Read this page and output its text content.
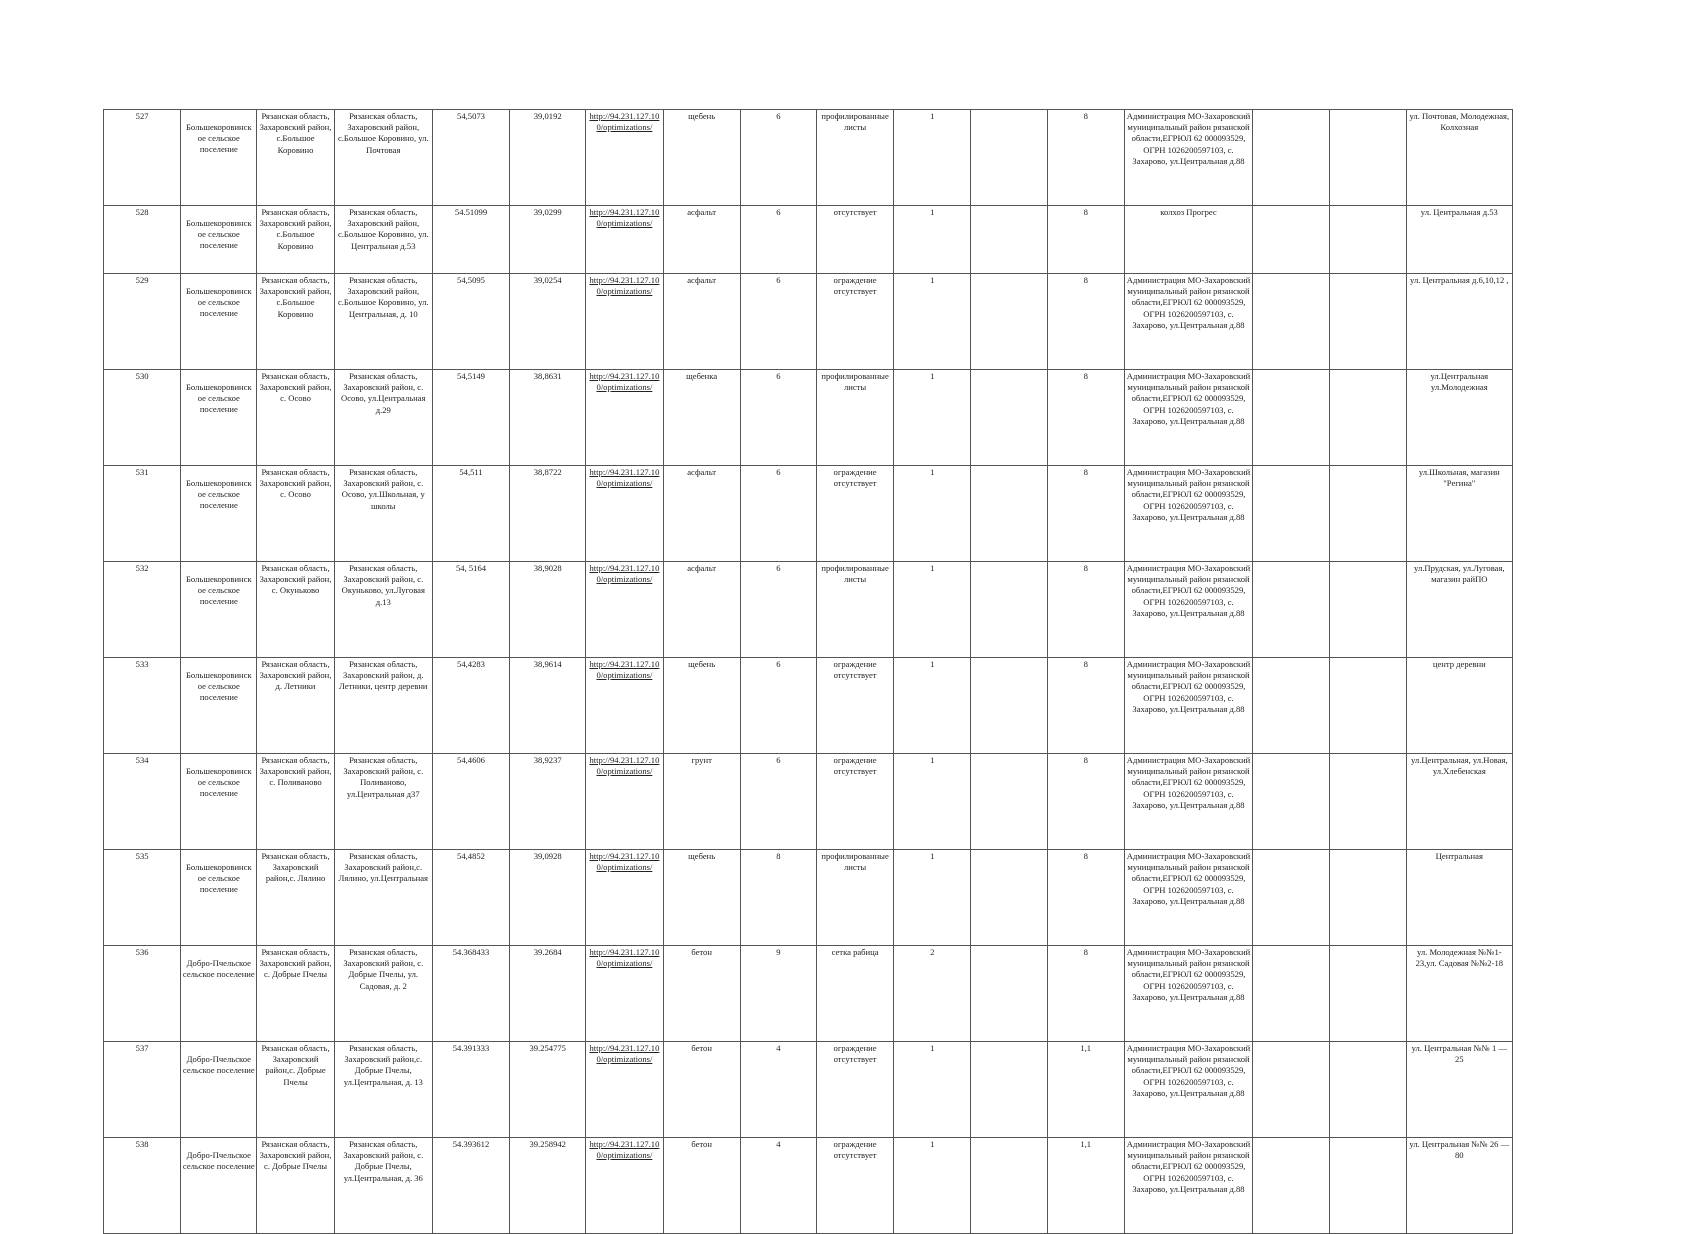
527	Большекоровинск ое сельское поселение	Рязанская область, Захаровский район, с.Большое Коровино	Рязанская область, Захаровский район, с.Большое Коровино, ул. Почтовая	54,5073	39,0192	http://94.231.127.10 0/optimizations/	щебень	6	профилированные листы	1		8	Администрация МО-Захаровский муниципальный район рязанской области,ЕГРЮЛ 62 000093529, ОГРН 1026200597103, с. Захарово, ул.Центральная д.88			ул. Почтовая, Молодежная, Колхозная
528	Большекоровинск ое сельское поселение	Рязанская область, Захаровский район, с.Большое Коровино	Рязанская область, Захаровский район, с.Большое Коровино, ул. Центральная д.53	54.51099	39,0299	http://94.231.127.10 0/optimizations/	асфальт	6	отсутствует	1		8	колхоз Прогрес			ул. Центральная д.53
529	Большекоровинск ое сельское поселение	Рязанская область, Захаровский район, с.Большое Коровино	Рязанская область, Захаровский район, с.Большое Коровино, ул. Центральная, д. 10	54,5095	39,0254	http://94.231.127.10 0/optimizations/	асфальт	6	ограждение отсутствует	1		8	Администрация МО-Захаровский муниципальный район рязанской области,ЕГРЮЛ 62 000093529, ОГРН 1026200597103, с. Захарово, ул.Центральная д.88			ул. Центральная д.6,10,12 ,
530	Большекоровинск ое сельское поселение	Рязанская область, Захаровский район, с. Осово	Рязанская область, Захаровский район, с. Осово, ул.Центральная д.29	54,5149	38,8631	http://94.231.127.10 0/optimizations/	щебенка	6	профилированные листы	1		8	Администрация МО-Захаровский муниципальный район рязанской области,ЕГРЮЛ 62 000093529, ОГРН 1026200597103, с. Захарово, ул.Центральная д.88			ул.Центральная ул.Молодежная
531	Большекоровинск ое сельское поселение	Рязанская область, Захаровский район, с. Осово	Рязанская область, Захаровский район, с. Осово, ул.Школьная, у школы	54,511	38,8722	http://94.231.127.10 0/optimizations/	асфальт	6	ограждение отсутствует	1		8	Администрация МО-Захаровский муниципальный район рязанской области,ЕГРЮЛ 62 000093529, ОГРН 1026200597103, с. Захарово, ул.Центральная д.88			ул.Школьная, магазин "Регина"
532	Большекоровинск ое сельское поселение	Рязанская область, Захаровский район, с. Окуньково	Рязанская область, Захаровский район, с. Окуньково, ул.Луговая д.13	54, 5164	38,9028	http://94.231.127.10 0/optimizations/	асфальт	6	профилированные листы	1		8	Администрация МО-Захаровский муниципальный район рязанской области,ЕГРЮЛ 62 000093529, ОГРН 1026200597103, с. Захарово, ул.Центральная д.88			ул.Прудская, ул.Луговая, магазин райПО
533	Большекоровинск ое сельское поселение	Рязанская область, Захаровский район, д. Летники	Рязанская область, Захаровский район, д. Летники, центр деревни	54,4283	38,9614	http://94.231.127.10 0/optimizations/	щебень	6	ограждение отсутствует	1		8	Администрация МО-Захаровский муниципальный район рязанской области,ЕГРЮЛ 62 000093529, ОГРН 1026200597103, с. Захарово, ул.Центральная д.88			центр деревни
534	Большекоровинск ое сельское поселение	Рязанская область, Захаровский район, с. Поливаново	Рязанская область, Захаровский район, с. Поливаново, ул.Центральная д37	54,4606	38,9237	http://94.231.127.10 0/optimizations/	грунт	6	ограждение отсутствует	1		8	Администрация МО-Захаровский муниципальный район рязанской области,ЕГРЮЛ 62 000093529, ОГРН 1026200597103, с. Захарово, ул.Центральная д.88			ул.Центральная, ул.Новая, ул.Хлебенская
535	Большекоровинск ое сельское поселение	Рязанская область, Захаровский район,с. Лялино	Рязанская область, Захаровский район,с. Лялино, ул.Центральная	54,4852	39,0928	http://94.231.127.10 0/optimizations/	щебень	8	профилированные листы	1		8	Администрация МО-Захаровский муниципальный район рязанской области,ЕГРЮЛ 62 000093529, ОГРН 1026200597103, с. Захарово, ул.Центральная д.88			Центральная
536	Добро-Пчельское сельское поселение	Рязанская область, Захаровский район, с. Добрые Пчелы	Рязанская область, Захаровский район, с. Добрые Пчелы, ул. Садовая, д. 2	54.368433	39.2684	http://94.231.127.10 0/optimizations/	бетон	9	сетка рабица	2		8	Администрация МО-Захаровский муниципальный район рязанской области,ЕГРЮЛ 62 000093529, ОГРН 1026200597103, с. Захарово, ул.Центральная д.88			ул. Молодежная №№1-23,ул. Садовая №№2-18
537	Добро-Пчельское сельское поселение	Рязанская область, Захаровский район,с. Добрые Пчелы	Рязанская область, Захаровский район,с. Добрые Пчелы, ул.Центральная, д. 13	54.391333	39.254775	http://94.231.127.10 0/optimizations/	бетон	4	ограждение отсутствует	1		1,1	Администрация МО-Захаровский муниципальный район рязанской области,ЕГРЮЛ 62 000093529, ОГРН 1026200597103, с. Захарово, ул.Центральная д.88			ул. Центральная №№ 1 — 25
538	Добро-Пчельское сельское поселение	Рязанская область, Захаровский район, с. Добрые Пчелы	Рязанская область, Захаровский район, с. Добрые Пчелы, ул.Центральная, д. 36	54.393612	39.258942	http://94.231.127.10 0/optimizations/	бетон	4	ограждение отсутствует	1		1,1	Администрация МО-Захаровский муниципальный район рязанской области,ЕГРЮЛ 62 000093529, ОГРН 1026200597103, с. Захарово, ул.Центральная д.88			ул. Центральная №№ 26 — 80
